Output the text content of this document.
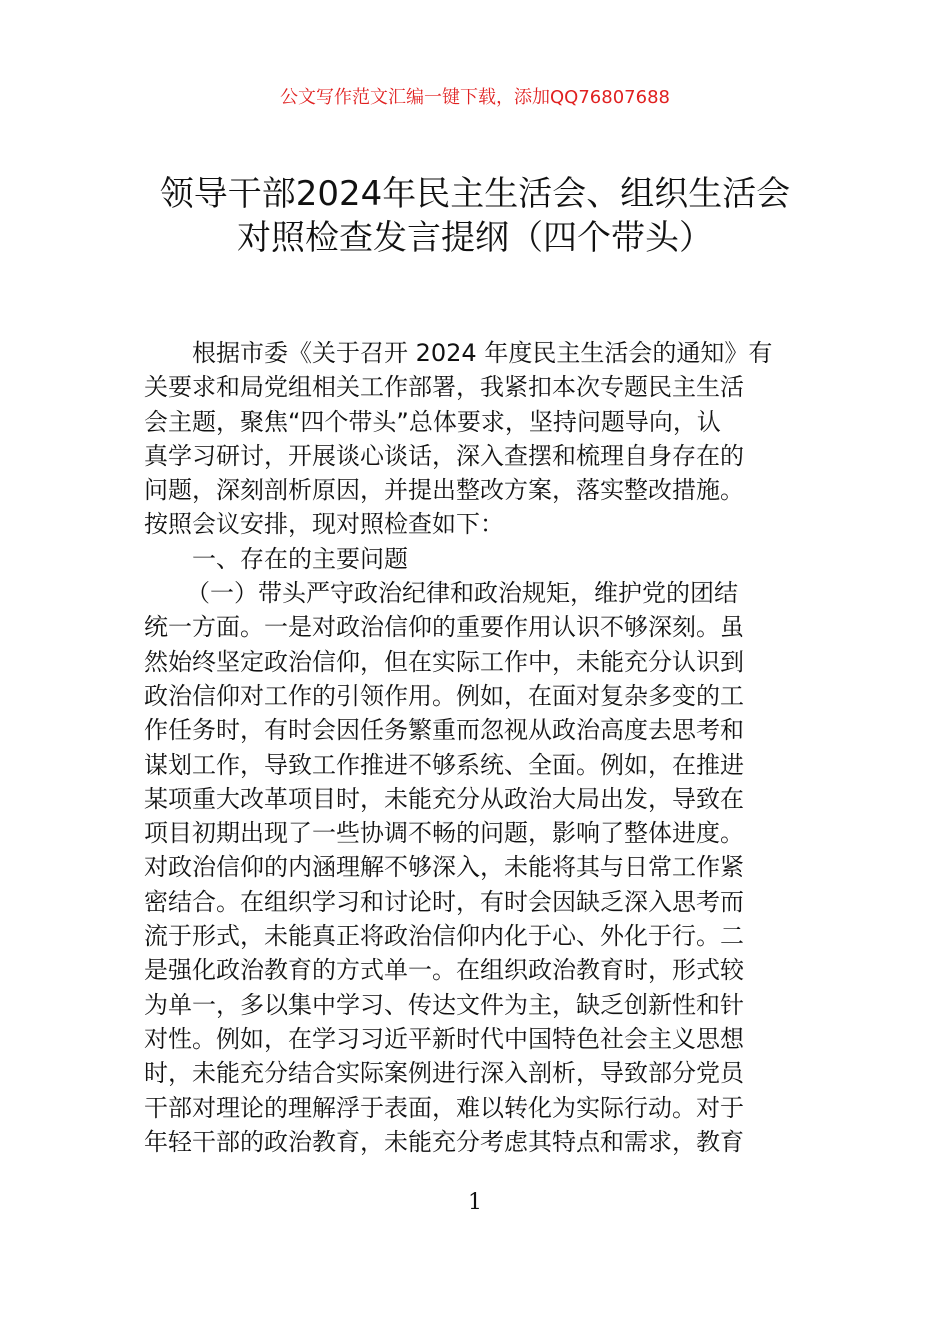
公文写作范文汇编一键下载，添加QQ76807688
领导干部2024年民主生活会、组织生活会
对照检查发言提纲（四个带头）
根据市委《关于召开 2024 年度民主生活会的通知》有
关要求和局党组相关工作部署，我紧扣本次专题民主生活
会主题，聚焦“四个带头”总体要求，坚持问题导向，认
真学习研讨，开展谈心谈话，深入查摆和梳理自身存在的
问题，深刻剖析原因，并提出整改方案，落实整改措施。
按照会议安排，现对照检查如下：
一、存在的主要问题
（一）带头严守政治纪律和政治规矩，维护党的团结
统一方面。一是对政治信仰的重要作用认识不够深刻。虽
然始终坚定政治信仰，但在实际工作中，未能充分认识到
政治信仰对工作的引领作用。例如，在面对复杂多变的工
作任务时，有时会因任务繁重而忽视从政治高度去思考和
谋划工作，导致工作推进不够系统、全面。例如，在推进
某项重大改革项目时，未能充分从政治大局出发，导致在
项目初期出现了一些协调不畅的问题，影响了整体进度。
对政治信仰的内涵理解不够深入，未能将其与日常工作紧
密结合。在组织学习和讨论时，有时会因缺乏深入思考而
流于形式，未能真正将政治信仰内化于心、外化于行。二
是强化政治教育的方式单一。在组织政治教育时，形式较
为单一，多以集中学习、传达文件为主，缺乏创新性和针
对性。例如，在学习习近平新时代中国特色社会主义思想
时，未能充分结合实际案例进行深入剖析，导致部分党员
干部对理论的理解浮于表面，难以转化为实际行动。对于
年轻干部的政治教育，未能充分考虑其特点和需求，教育
1
